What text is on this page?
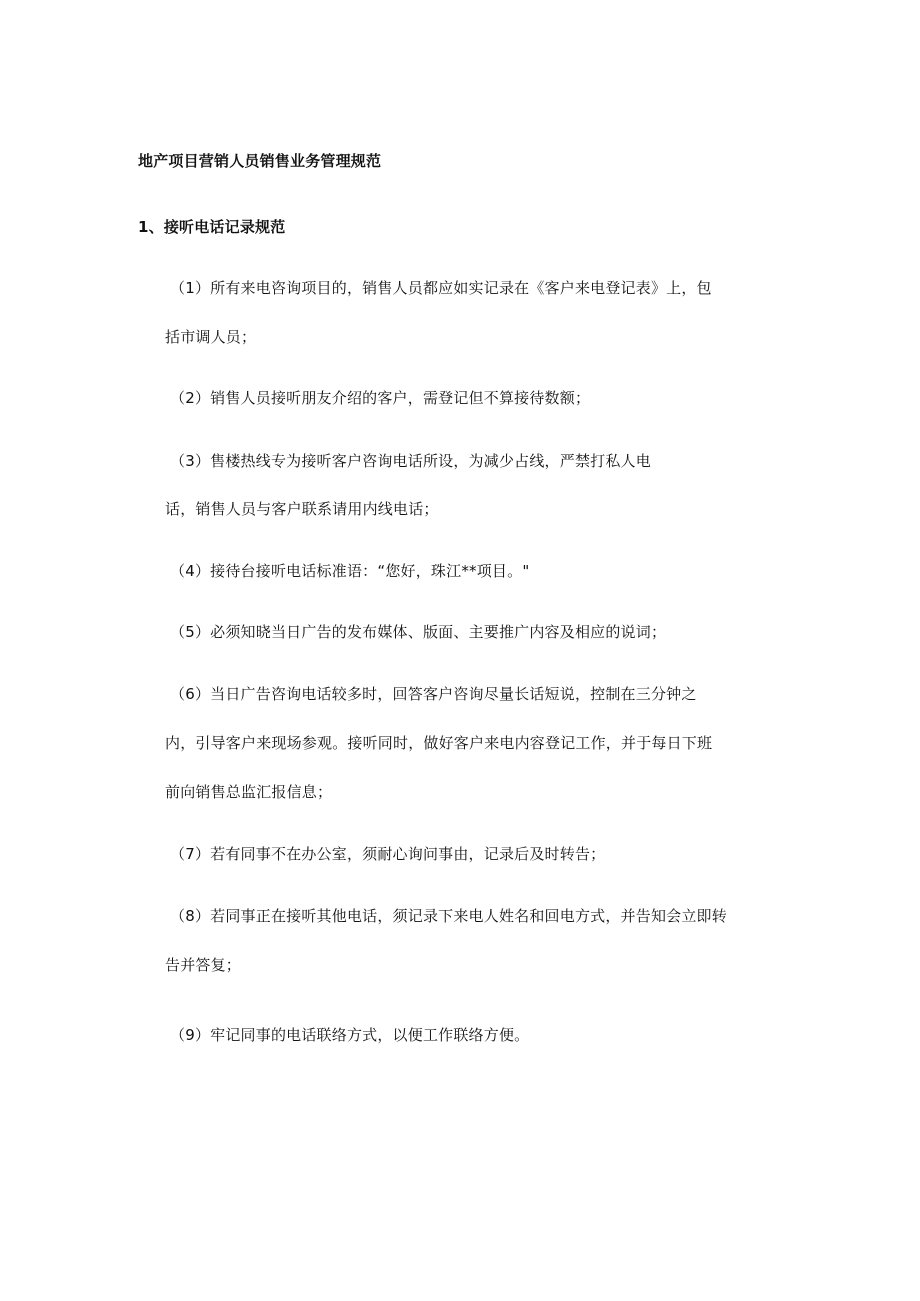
地产项目营销人员销售业务管理规范
1、接听电话记录规范
（1）所有来电咨询项目的，销售人员都应如实记录在《客户来电登记表》上，包
括市调人员；
（2）销售人员接听朋友介绍的客户，需登记但不算接待数额；
（3）售楼热线专为接听客户咨询电话所设，为减少占线，严禁打私人电
话，销售人员与客户联系请用内线电话；
（4）接待台接听电话标准语：“您好，珠江**项目。"
（5）必须知晓当日广告的发布媒体、版面、主要推广内容及相应的说词；
（6）当日广告咨询电话较多时，回答客户咨询尽量长话短说，控制在三分钟之
内，引导客户来现场参观。接听同时，做好客户来电内容登记工作，并于每日下班
前向销售总监汇报信息；
（7）若有同事不在办公室，须耐心询问事由，记录后及时转告；
（8）若同事正在接听其他电话，须记录下来电人姓名和回电方式，并告知会立即转
告并答复；
（9）牢记同事的电话联络方式，以便工作联络方便。
